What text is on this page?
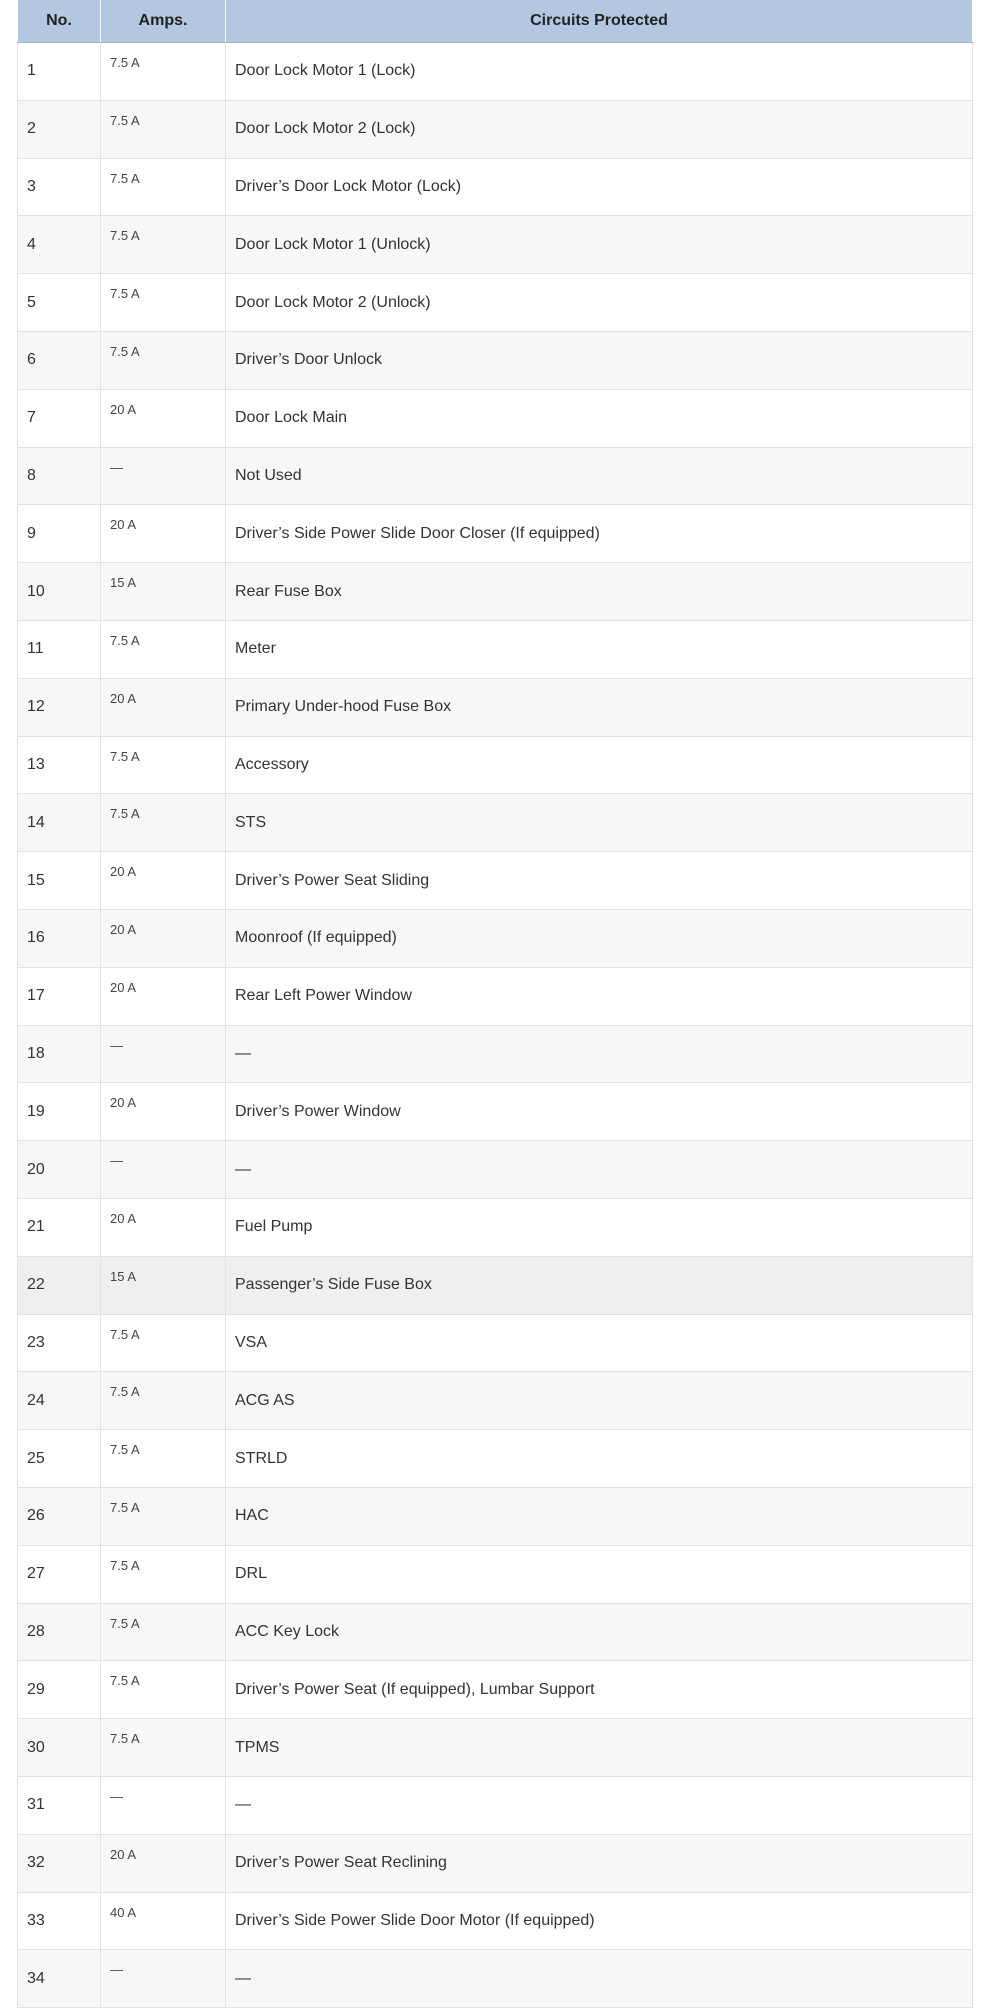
No.	Amps.	Circuits Protected
1	7.5 A	Door Lock Motor 1 (Lock)
2	7.5 A	Door Lock Motor 2 (Lock)
3	7.5 A	Driver’s Door Lock Motor (Lock)
4	7.5 A	Door Lock Motor 1 (Unlock)
5	7.5 A	Door Lock Motor 2 (Unlock)
6	7.5 A	Driver’s Door Unlock
7	20 A	Door Lock Main
8	—	Not Used
9	20 A	Driver’s Side Power Slide Door Closer (If equipped)
10	15 A	Rear Fuse Box
11	7.5 A	Meter
12	20 A	Primary Under-hood Fuse Box
13	7.5 A	Accessory
14	7.5 A	STS
15	20 A	Driver’s Power Seat Sliding
16	20 A	Moonroof (If equipped)
17	20 A	Rear Left Power Window
18	—	—
19	20 A	Driver’s Power Window
20	—	—
21	20 A	Fuel Pump
22	15 A	Passenger’s Side Fuse Box
23	7.5 A	VSA
24	7.5 A	ACG AS
25	7.5 A	STRLD
26	7.5 A	HAC
27	7.5 A	DRL
28	7.5 A	ACC Key Lock
29	7.5 A	Driver’s Power Seat (If equipped), Lumbar Support
30	7.5 A	TPMS
31	—	—
32	20 A	Driver’s Power Seat Reclining
33	40 A	Driver’s Side Power Slide Door Motor (If equipped)
34	—	—
